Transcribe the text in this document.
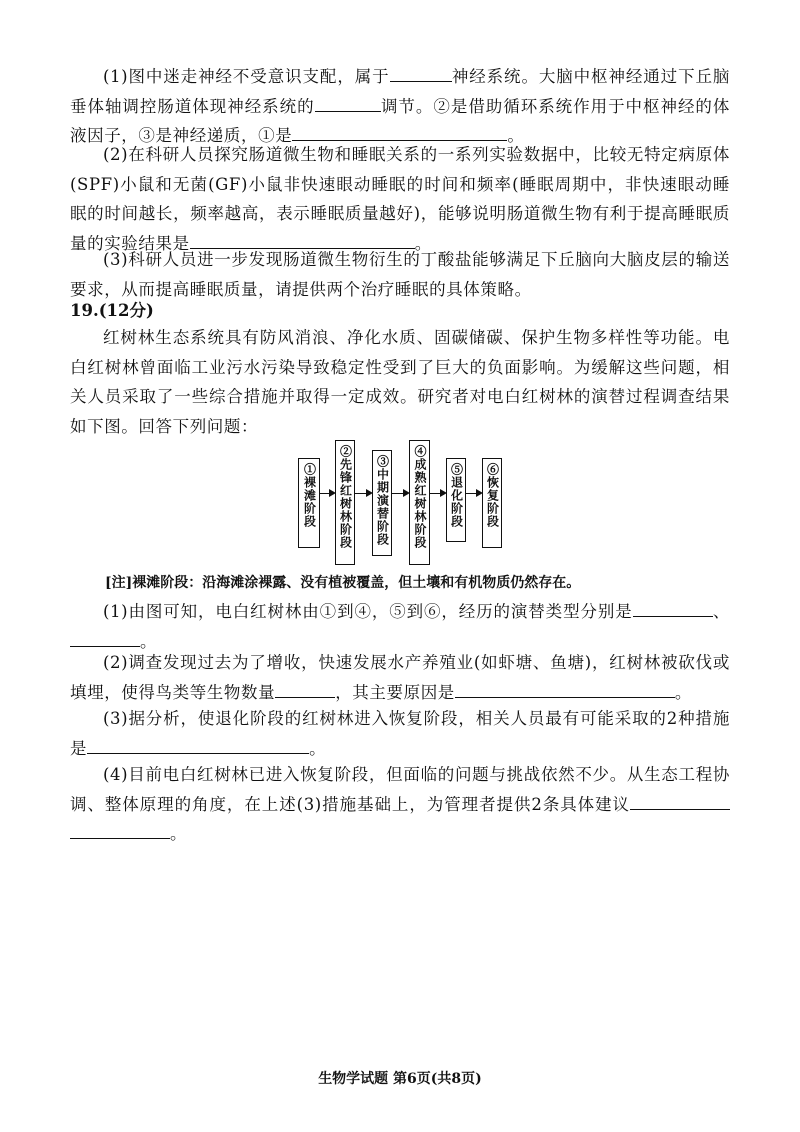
(1)图中迷走神经不受意识支配，属于	神经系统。大脑中枢神经通过下丘脑垂体轴调控肠道体现神经系统的	调节。②是借助循环系统作用于中枢神经的体液因子，③是神经递质，①是	。

(2)在科研人员探究肠道微生物和睡眠关系的一系列实验数据中，比较无特定病原体(SPF)小鼠和无菌(GF)小鼠非快速眼动睡眠的时间和频率(睡眠周期中，非快速眼动睡眠的时间越长，频率越高，表示睡眠质量越好)，能够说明肠道微生物有利于提高睡眠质量的实验结果是	。

(3)科研人员进一步发现肠道微生物衍生的丁酸盐能够满足下丘脑向大脑皮层的输送要求，从而提高睡眠质量，请提供两个治疗睡眠的具体策略。

19.(12分)

红树林生态系统具有防风消浪、净化水质、固碳储碳、保护生物多样性等功能。电白红树林曾面临工业污水污染导致稳定性受到了巨大的负面影响。为缓解这些问题，相关人员采取了一些综合措施并取得一定成效。研究者对电白红树林的演替过程调查结果如下图。回答下列问题：

①裸滩阶段 ②先锋红树林阶段 ③中期演替阶段 ④成熟红树林阶段 ⑤退化阶段 ⑥恢复阶段
[注]裸滩阶段：沿海滩涂裸露、没有植被覆盖，但土壤和有机物质仍然存在。

(1)由图可知，电白红树林由①到④，⑤到⑥，经历的演替类型分别是	、。

(2)调查发现过去为了增收，快速发展水产养殖业(如虾塘、鱼塘)，红树林被砍伐或填埋，使得鸟类等生物数量	，其主要原因是	。

(3)据分析，使退化阶段的红树林进入恢复阶段，相关人员最有可能采取的2种措施是	。

(4)目前电白红树林已进入恢复阶段，但面临的问题与挑战依然不少。从生态工程协调、整体原理的角度，在上述(3)措施基础上，为管理者提供2条具体建议。

生物学试题 第6页(共8页)
